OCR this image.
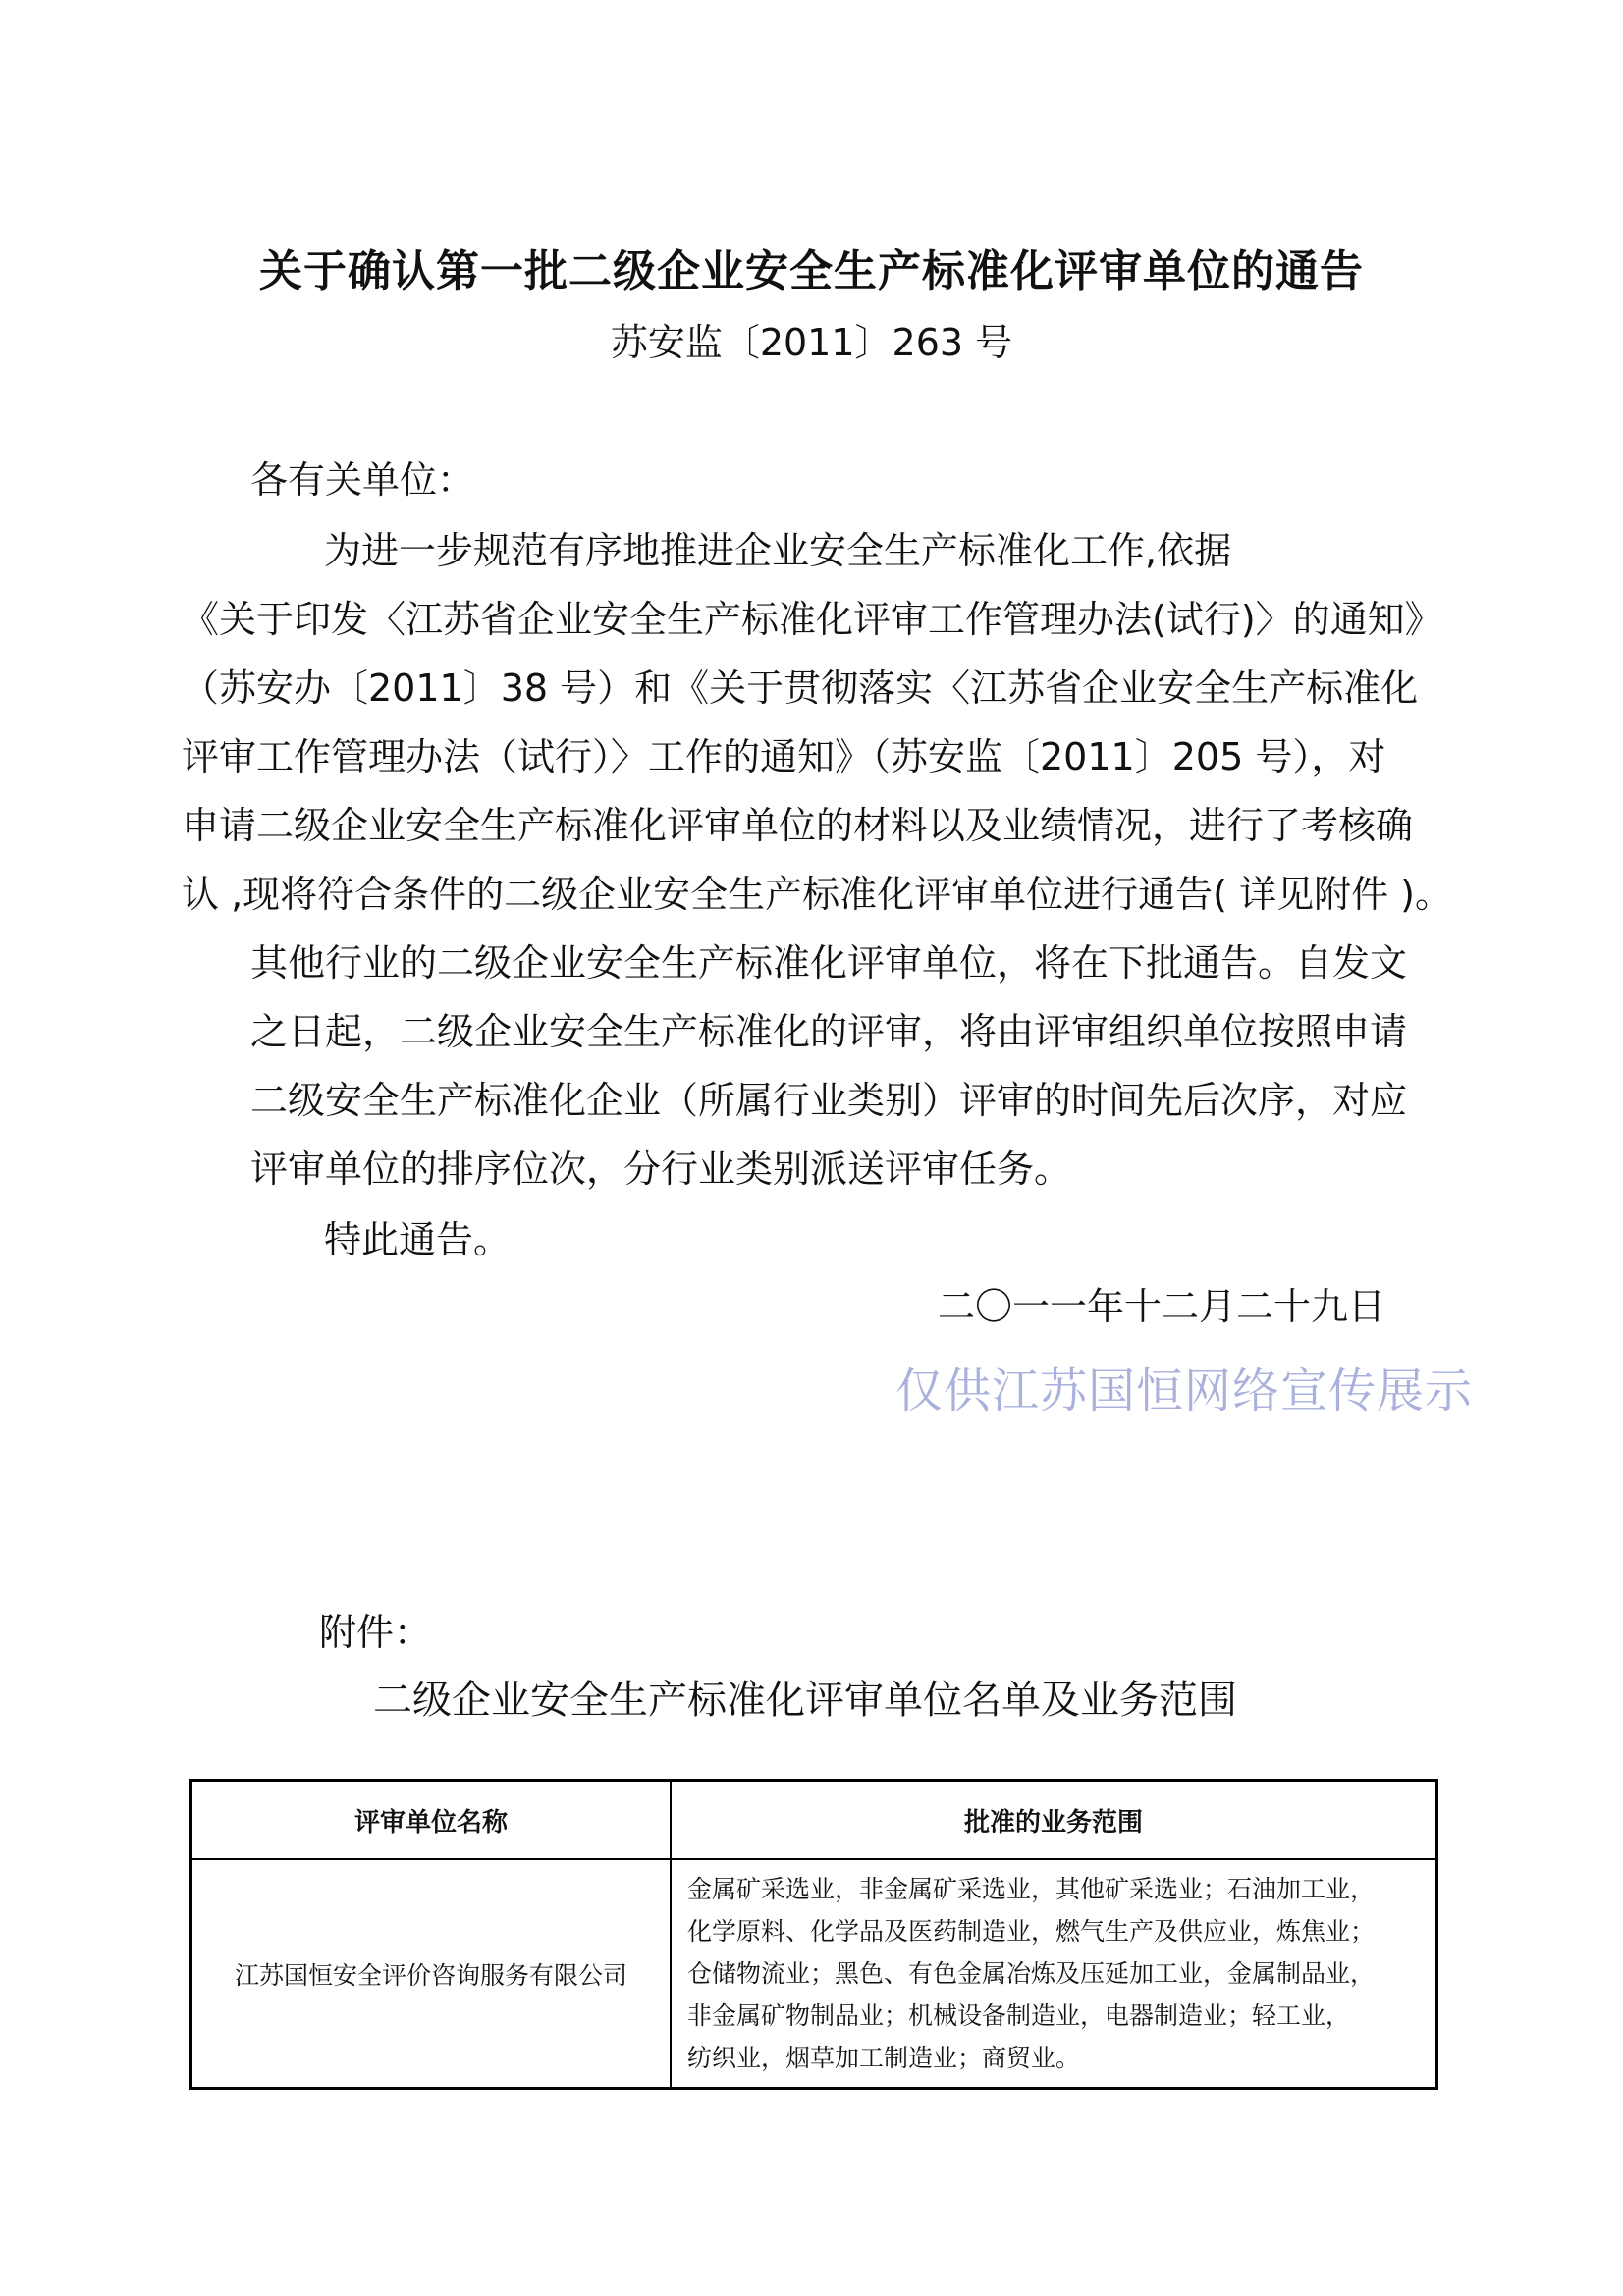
关于确认第一批二级企业安全生产标准化评审单位的通告
苏安监〔2011〕263 号
各有关单位：
为进一步规范有序地推进企业安全生产标准化工作,依据
《关于印发〈江苏省企业安全生产标准化评审工作管理办法(试行)〉的通知》
（苏安办〔2011〕38 号）和《关于贯彻落实〈江苏省企业安全生产标准化
评审工作管理办法（试行）〉工作的通知》（苏安监〔2011〕205 号），对
申请二级企业安全生产标准化评审单位的材料以及业绩情况，进行了考核确
认 ,现将符合条件的二级企业安全生产标准化评审单位进行通告( 详见附件 )。
其他行业的二级企业安全生产标准化评审单位，将在下批通告。自发文
之日起，二级企业安全生产标准化的评审，将由评审组织单位按照申请
二级安全生产标准化企业（所属行业类别）评审的时间先后次序，对应
评审单位的排序位次，分行业类别派送评审任务。
特此通告。
二〇一一年十二月二十九日
仅供江苏国恒网络宣传展示
附件：
二级企业安全生产标准化评审单位名单及业务范围
评审单位名称	批准的业务范围
江苏国恒安全评价咨询服务有限公司	金属矿采选业，非金属矿采选业，其他矿采选业；石油加工业，
化学原料、化学品及医药制造业，燃气生产及供应业，炼焦业；
仓储物流业；黑色、有色金属冶炼及压延加工业，金属制品业，
非金属矿物制品业；机械设备制造业，电器制造业；轻工业，
纺织业，烟草加工制造业；商贸业。
